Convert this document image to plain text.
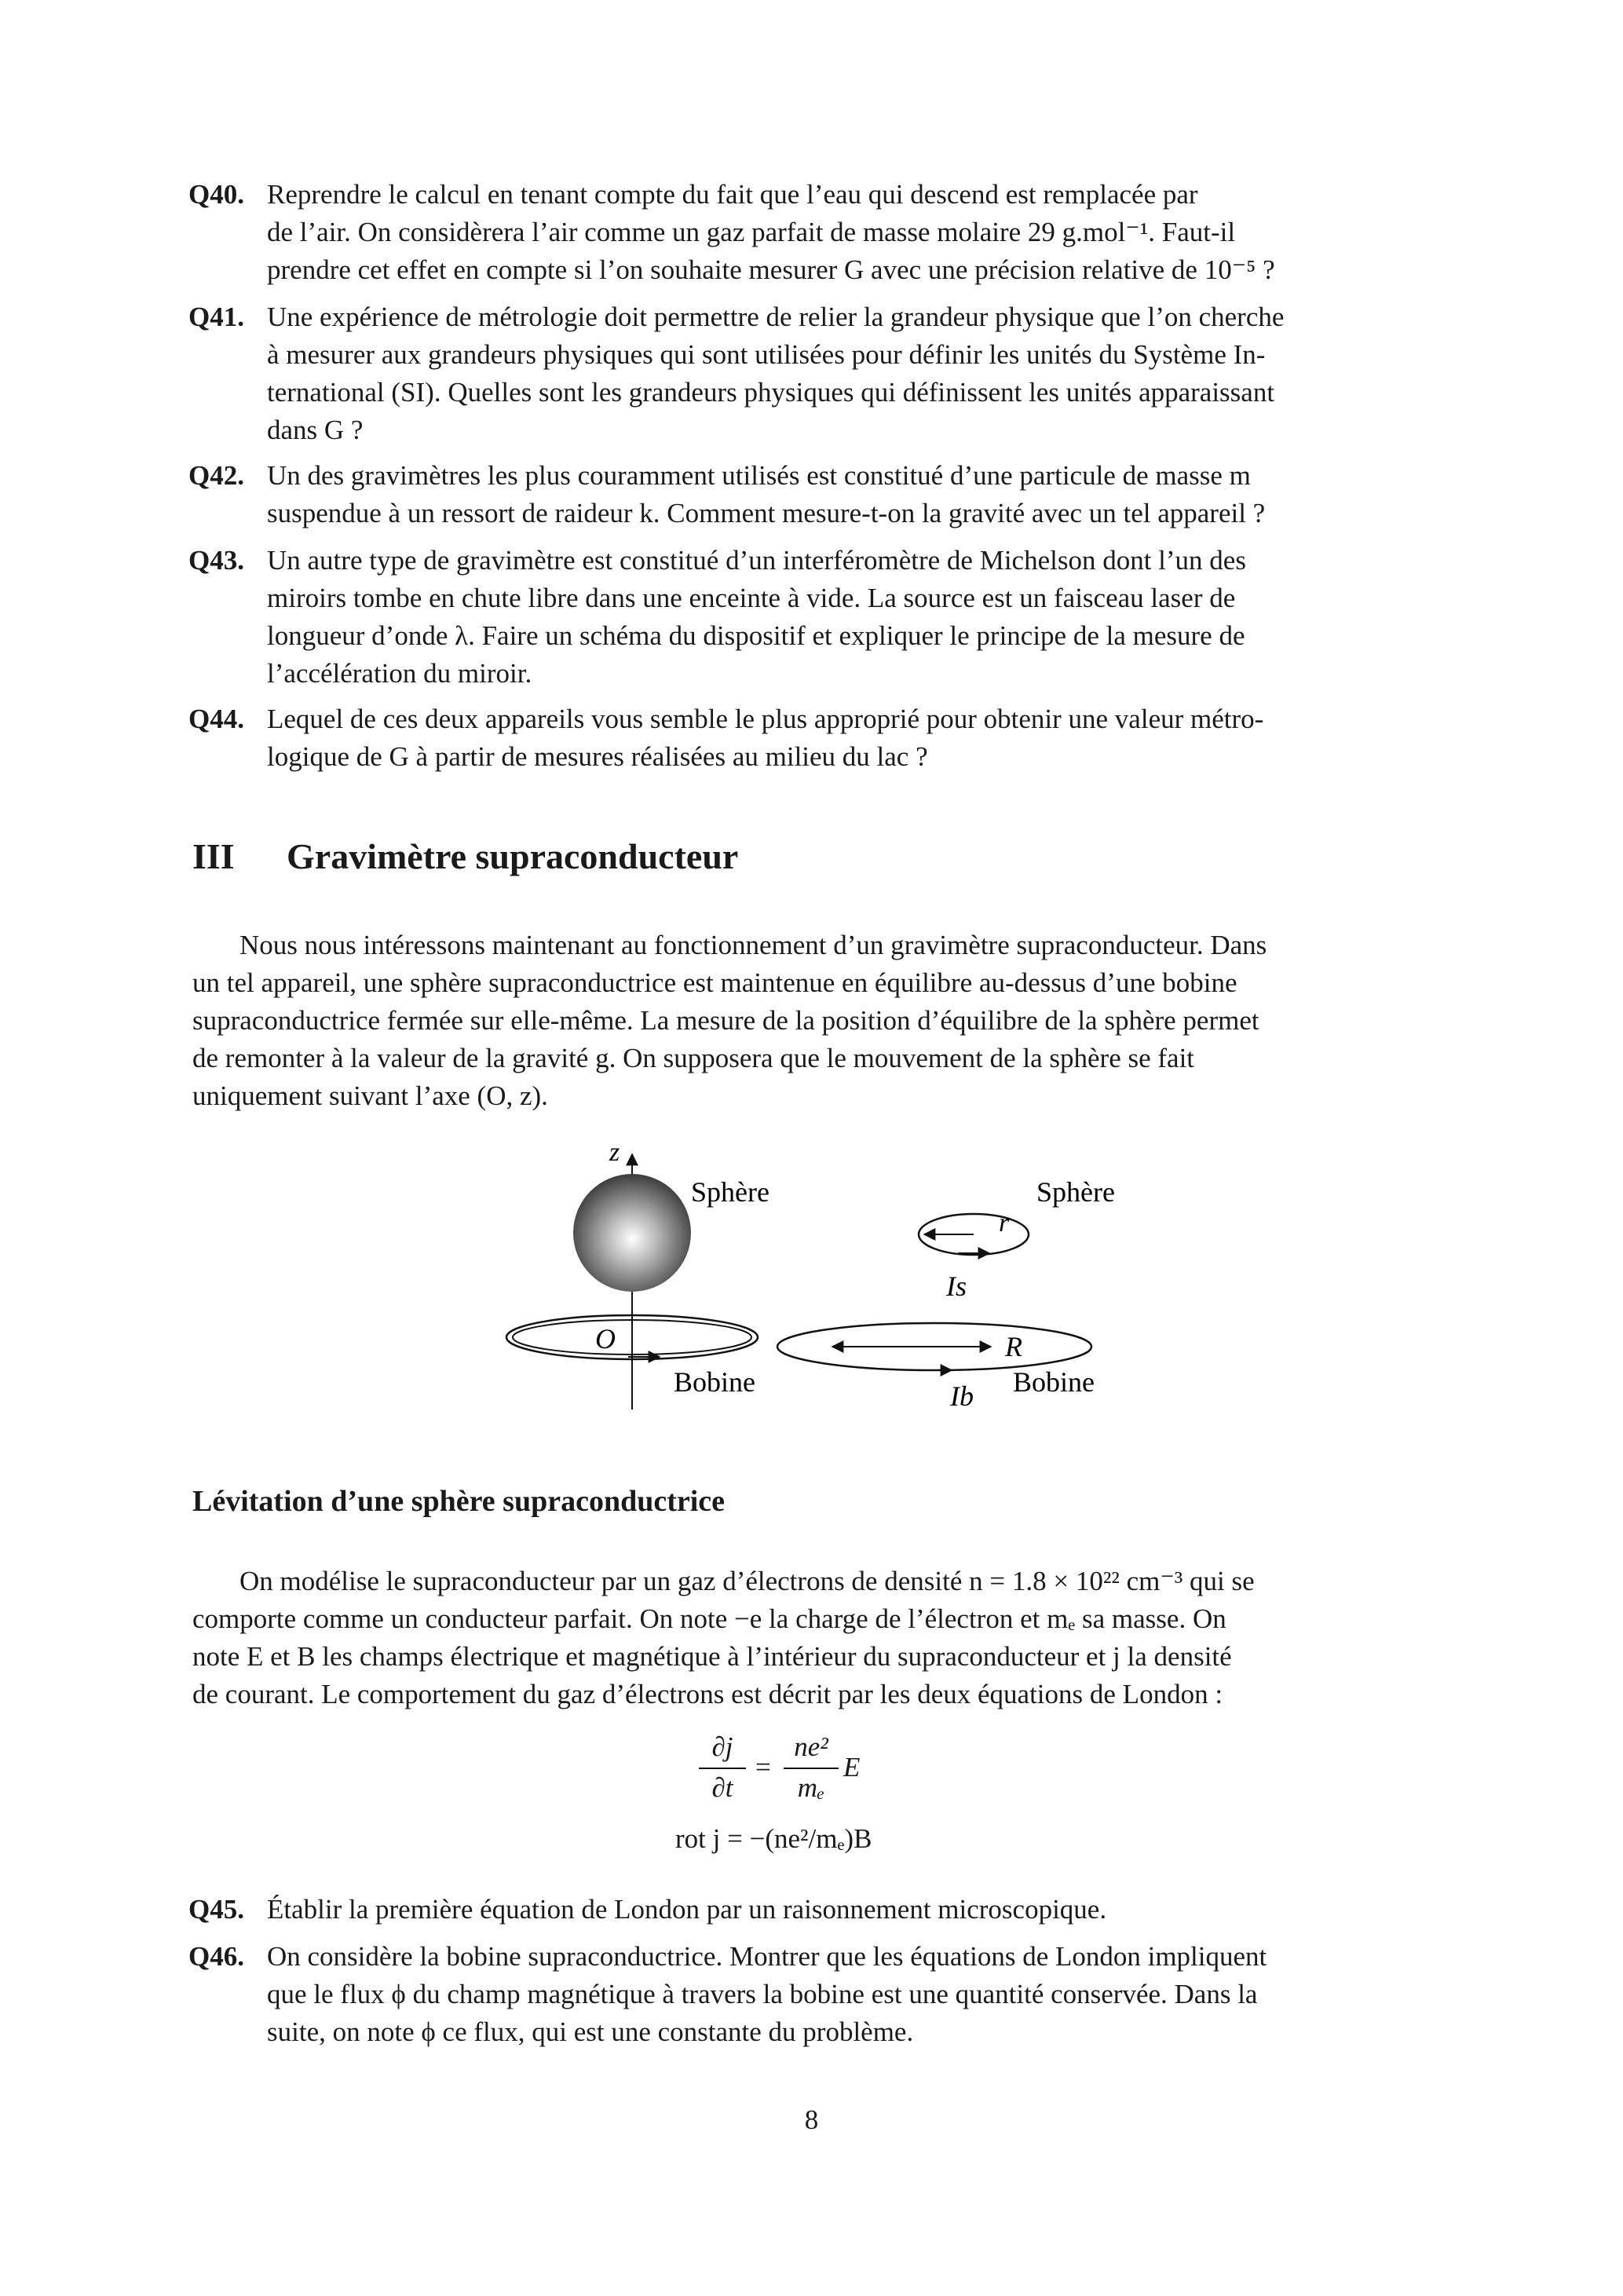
Q40. Reprendre le calcul en tenant compte du fait que l’eau qui descend est remplacée par

de l’air. On considèrera l’air comme un gaz parfait de masse molaire 29 g.mol⁻¹. Faut-il

prendre cet effet en compte si l’on souhaite mesurer G avec une précision relative de 10⁻⁵ ?

Q41. Une expérience de métrologie doit permettre de relier la grandeur physique que l’on cherche

à mesurer aux grandeurs physiques qui sont utilisées pour définir les unités du Système In-

ternational (SI). Quelles sont les grandeurs physiques qui définissent les unités apparaissant

dans G ?

Q42. Un des gravimètres les plus couramment utilisés est constitué d’une particule de masse m

suspendue à un ressort de raideur k. Comment mesure-t-on la gravité avec un tel appareil ?

Q43. Un autre type de gravimètre est constitué d’un interféromètre de Michelson dont l’un des

miroirs tombe en chute libre dans une enceinte à vide. La source est un faisceau laser de

longueur d’onde λ. Faire un schéma du dispositif et expliquer le principe de la mesure de

l’accélération du miroir.

Q44. Lequel de ces deux appareils vous semble le plus approprié pour obtenir une valeur métro-

logique de G à partir de mesures réalisées au milieu du lac ?

III Gravimètre supraconducteur
Nous nous intéressons maintenant au fonctionnement d’un gravimètre supraconducteur. Dans
un tel appareil, une sphère supraconductrice est maintenue en équilibre au-dessus d’une bobine
supraconductrice fermée sur elle-même. La mesure de la position d’équilibre de la sphère permet
de remonter à la valeur de la gravité g. On supposera que le mouvement de la sphère se fait
uniquement suivant l’axe (O, z).
z
Sphère
O
Bobine
Sphère
r
Is
R
Ib Bobine
Lévitation d’une sphère supraconductrice
On modélise le supraconducteur par un gaz d’électrons de densité n = 1.8 × 10²² cm⁻³ qui se
comporte comme un conducteur parfait. On note −e la charge de l’électron et mₑ sa masse. On
note E et B les champs électrique et magnétique à l’intérieur du supraconducteur et j la densité
de courant. Le comportement du gaz d’électrons est décrit par les deux équations de London :
∂j
∂t
=
ne²
mₑ
E
rot j = −(ne²/mₑ)B
Q45. Établir la première équation de London par un raisonnement microscopique.

Q46. On considère la bobine supraconductrice. Montrer que les équations de London impliquent

que le flux ϕ du champ magnétique à travers la bobine est une quantité conservée. Dans la

suite, on note ϕ ce flux, qui est une constante du problème.

8
